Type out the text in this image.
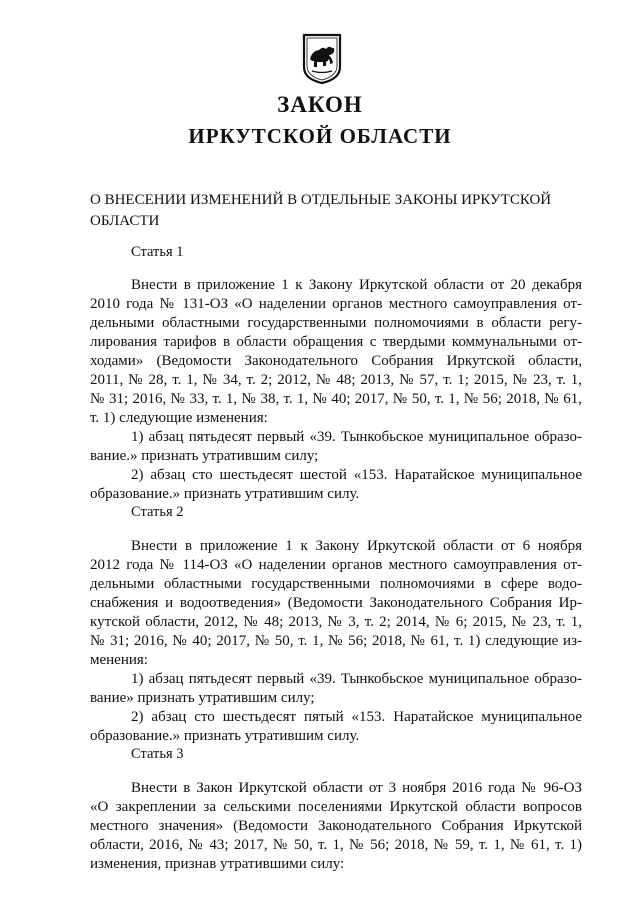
ЗАКОН
ИРКУТСКОЙ ОБЛАСТИ
О ВНЕСЕНИИ ИЗМЕНЕНИЙ В ОТДЕЛЬНЫЕ ЗАКОНЫ ИРКУТСКОЙ
ОБЛАСТИ
Статья 1

Внести в приложение 1 к Закону Иркутской области от 20 декабря

2010 года № 131-ОЗ «О наделении органов местного самоуправления от-

дельными областными государственными полномочиями в области регу-

лирования тарифов в области обращения с твердыми коммунальными от-

ходами» (Ведомости Законодательного Собрания Иркутской области,

2011, № 28, т. 1, № 34, т. 2; 2012, № 48; 2013, № 57, т. 1; 2015, № 23, т. 1,

№ 31; 2016, № 33, т. 1, № 38, т. 1, № 40; 2017, № 50, т. 1, № 56; 2018, № 61,

т. 1) следующие изменения:

1) абзац пятьдесят первый «39. Тынкобьское муниципальное образо-

вание.» признать утратившим силу;

2) абзац сто шестьдесят шестой «153. Наратайское муниципальное

образование.» признать утратившим силу.

Статья 2

Внести в приложение 1 к Закону Иркутской области от 6 ноября

2012 года № 114-ОЗ «О наделении органов местного самоуправления от-

дельными областными государственными полномочиями в сфере водо-

снабжения и водоотведения» (Ведомости Законодательного Собрания Ир-

кутской области, 2012, № 48; 2013, № 3, т. 2; 2014, № 6; 2015, № 23, т. 1,

№ 31; 2016, № 40; 2017, № 50, т. 1, № 56; 2018, № 61, т. 1) следующие из-

менения:

1) абзац пятьдесят первый «39. Тынкобьское муниципальное образо-

вание» признать утратившим силу;

2) абзац сто шестьдесят пятый «153. Наратайское муниципальное

образование.» признать утратившим силу.

Статья 3

Внести в Закон Иркутской области от 3 ноября 2016 года № 96-ОЗ

«О закреплении за сельскими поселениями Иркутской области вопросов

местного значения» (Ведомости Законодательного Собрания Иркутской

области, 2016, № 43; 2017, № 50, т. 1, № 56; 2018, № 59, т. 1, № 61, т. 1)

изменения, признав утратившими силу:
